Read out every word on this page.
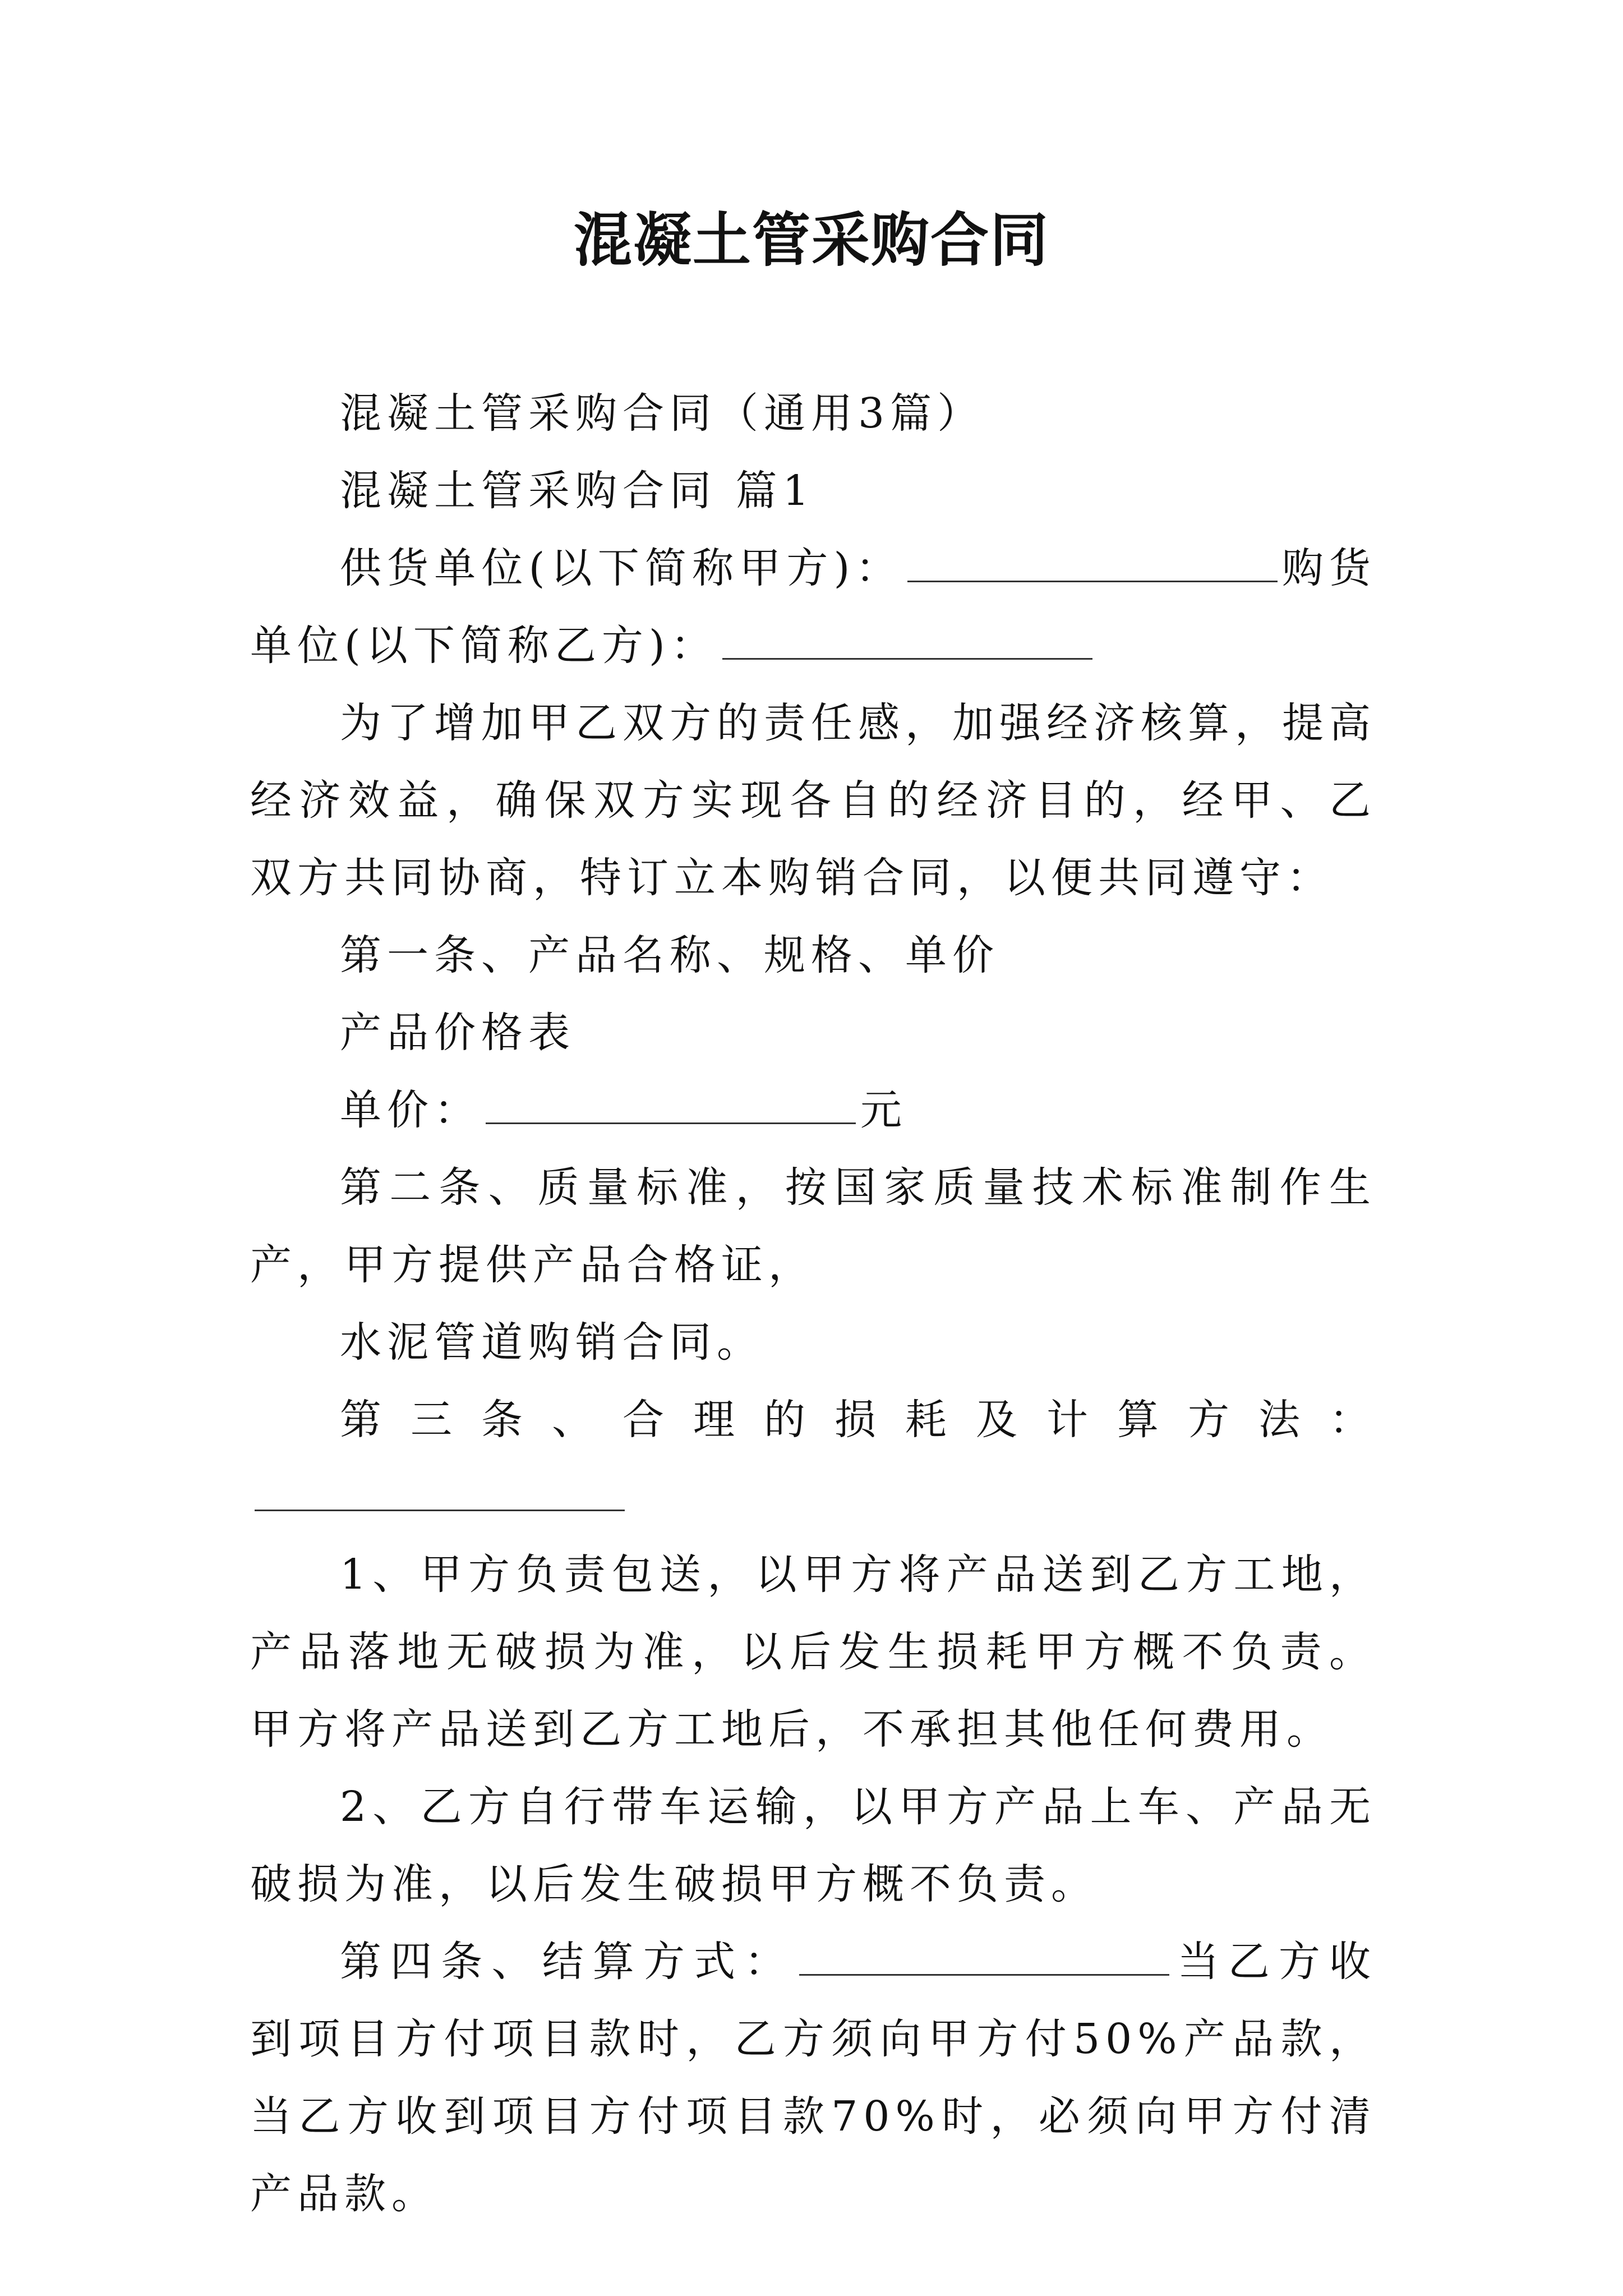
混凝土管采购合同

混凝土管采购合同（通用3篇）

混凝土管采购合同 篇1

供货单位(以下简称甲方)：	购货单位(以下简称乙方)：

为了增加甲乙双方的责任感，加强经济核算，提高经济效益，确保双方实现各自的经济目的，经甲、乙双方共同协商，特订立本购销合同，以便共同遵守：

第一条、产品名称、规格、单价

产品价格表

单价：	元

第二条、质量标准，按国家质量技术标准制作生产，甲方提供产品合格证，

水泥管道购销合同。

第三条、合理的损耗及计算方法：

1、甲方负责包送，以甲方将产品送到乙方工地，产品落地无破损为准，以后发生损耗甲方概不负责。甲方将产品送到乙方工地后，不承担其他任何费用。

2、乙方自行带车运输，以甲方产品上车、产品无破损为准，以后发生破损甲方概不负责。

第四条、结算方式：	当乙方收到项目方付项目款时，乙方须向甲方付50%产品款，当乙方收到项目方付项目款70%时，必须向甲方付清产品款。
